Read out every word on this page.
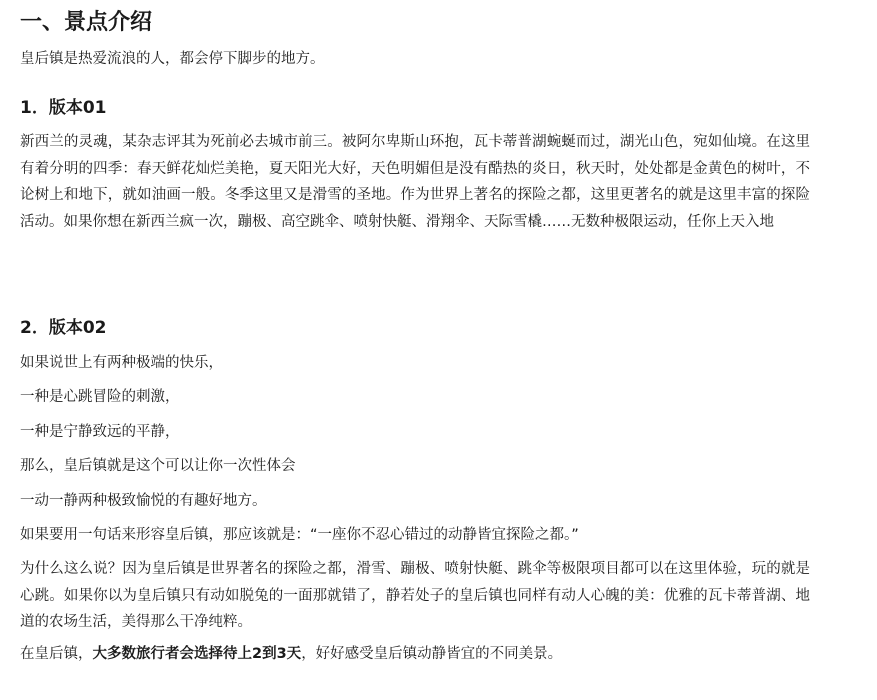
一、景点介绍

皇后镇是热爱流浪的人，都会停下脚步的地方。

1．版本01

新西兰的灵魂，某杂志评其为死前必去城市前三。被阿尔卑斯山环抱，瓦卡蒂普湖蜿蜒而过，湖光山色，宛如仙境。在这里有着分明的四季：春天鲜花灿烂美艳，夏天阳光大好，天色明媚但是没有酷热的炎日，秋天时，处处都是金黄色的树叶，不论树上和地下，就如油画一般。冬季这里又是滑雪的圣地。作为世界上著名的探险之都，这里更著名的就是这里丰富的探险活动。如果你想在新西兰疯一次，蹦极、高空跳伞、喷射快艇、滑翔伞、天际雪橇……无数种极限运动，任你上天入地

2．版本02

如果说世上有两种极端的快乐，

一种是心跳冒险的刺激，

一种是宁静致远的平静，

那么，皇后镇就是这个可以让你一次性体会

一动一静两种极致愉悦的有趣好地方。

如果要用一句话来形容皇后镇，那应该就是：“一座你不忍心错过的动静皆宜探险之都。”

为什么这么说？因为皇后镇是世界著名的探险之都，滑雪、蹦极、喷射快艇、跳伞等极限项目都可以在这里体验，玩的就是心跳。如果你以为皇后镇只有动如脱兔的一面那就错了，静若处子的皇后镇也同样有动人心魄的美：优雅的瓦卡蒂普湖、地道的农场生活，美得那么干净纯粹。

在皇后镇，大多数旅行者会选择待上2到3天，好好感受皇后镇动静皆宜的不同美景。
